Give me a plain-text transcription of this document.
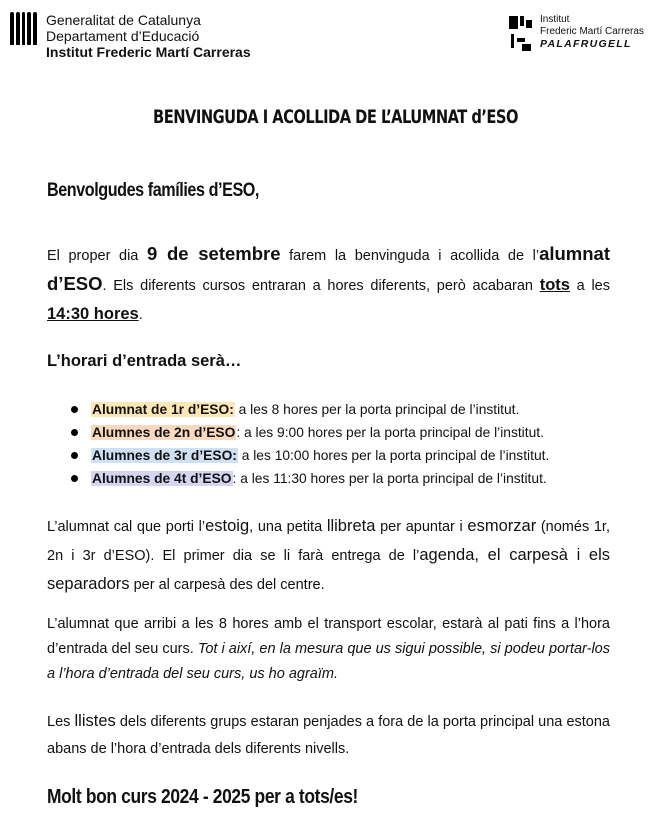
Generalitat de Catalunya
Departament d’Educació
Institut Frederic Martí Carreras
Institut
Frederic Martí Carreras
PALAFRUGELL
BENVINGUDA I ACOLLIDA DE L’ALUMNAT d’ESO
Benvolgudes famílies d’ESO,

El proper dia 9 de setembre farem la benvinguda i acollida de l’alumnat d’ESO. Els diferents cursos entraran a hores diferents, però acabaran tots a les 14:30 hores.

L’horari d’entrada serà…

Alumnat de 1r d’ESO: a les 8 hores per la porta principal de l’institut.
Alumnes de 2n d’ESO: a les 9:00 hores per la porta principal de l’institut.
Alumnes de 3r d’ESO: a les 10:00 hores per la porta principal de l’institut.
Alumnes de 4t d’ESO: a les 11:30 hores per la porta principal de l’institut.

L’alumnat cal que porti l’estoig, una petita llibreta per apuntar i esmorzar (només 1r, 2n i 3r d’ESO). El primer dia se li farà entrega de l’agenda, el carpesà i els separadors per al carpesà des del centre.

L’alumnat que arribi a les 8 hores amb el transport escolar, estarà al pati fins a l’hora d’entrada del seu curs. Tot i així, en la mesura que us sigui possible, si podeu portar-los a l’hora d’entrada del seu curs, us ho agraïm.

Les llistes dels diferents grups estaran penjades a fora de la porta principal una estona abans de l’hora d’entrada dels diferents nivells.

Molt bon curs 2024 - 2025 per a tots/es!
